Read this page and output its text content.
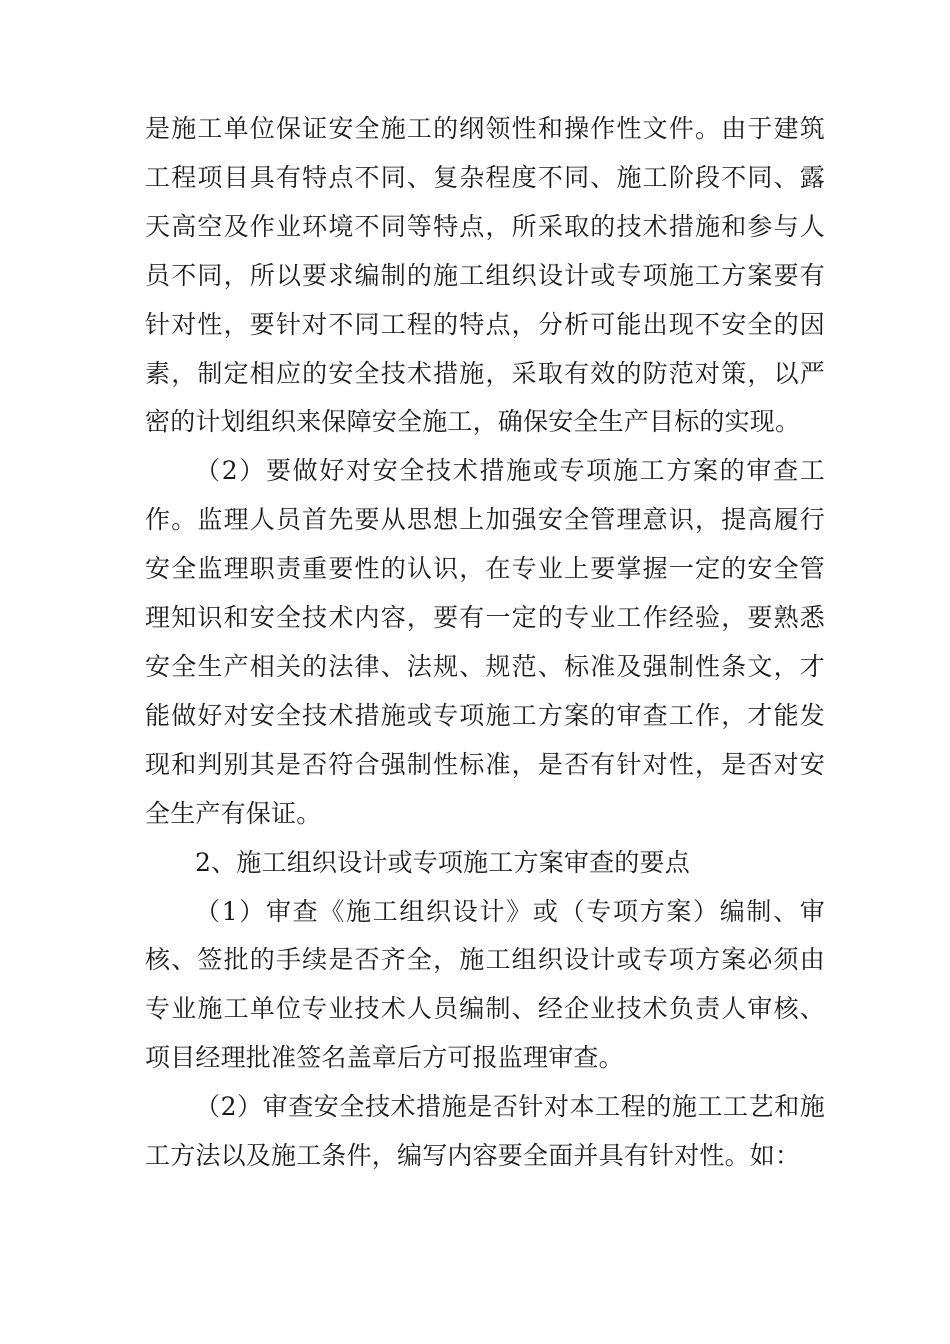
是施工单位保证安全施工的纲领性和操作性文件。由于建筑工程项目具有特点不同、复杂程度不同、施工阶段不同、露天高空及作业环境不同等特点，所采取的技术措施和参与人员不同，所以要求编制的施工组织设计或专项施工方案要有针对性，要针对不同工程的特点，分析可能出现不安全的因素，制定相应的安全技术措施，采取有效的防范对策，以严密的计划组织来保障安全施工，确保安全生产目标的实现。

（2）要做好对安全技术措施或专项施工方案的审查工作。监理人员首先要从思想上加强安全管理意识，提高履行安全监理职责重要性的认识，在专业上要掌握一定的安全管理知识和安全技术内容，要有一定的专业工作经验，要熟悉安全生产相关的法律、法规、规范、标准及强制性条文，才能做好对安全技术措施或专项施工方案的审查工作，才能发现和判别其是否符合强制性标准，是否有针对性，是否对安全生产有保证。

2、施工组织设计或专项施工方案审查的要点

（1）审查《施工组织设计》或（专项方案）编制、审核、签批的手续是否齐全，施工组织设计或专项方案必须由专业施工单位专业技术人员编制、经企业技术负责人审核、项目经理批准签名盖章后方可报监理审查。

（2）审查安全技术措施是否针对本工程的施工工艺和施工方法以及施工条件，编写内容要全面并具有针对性。如：
